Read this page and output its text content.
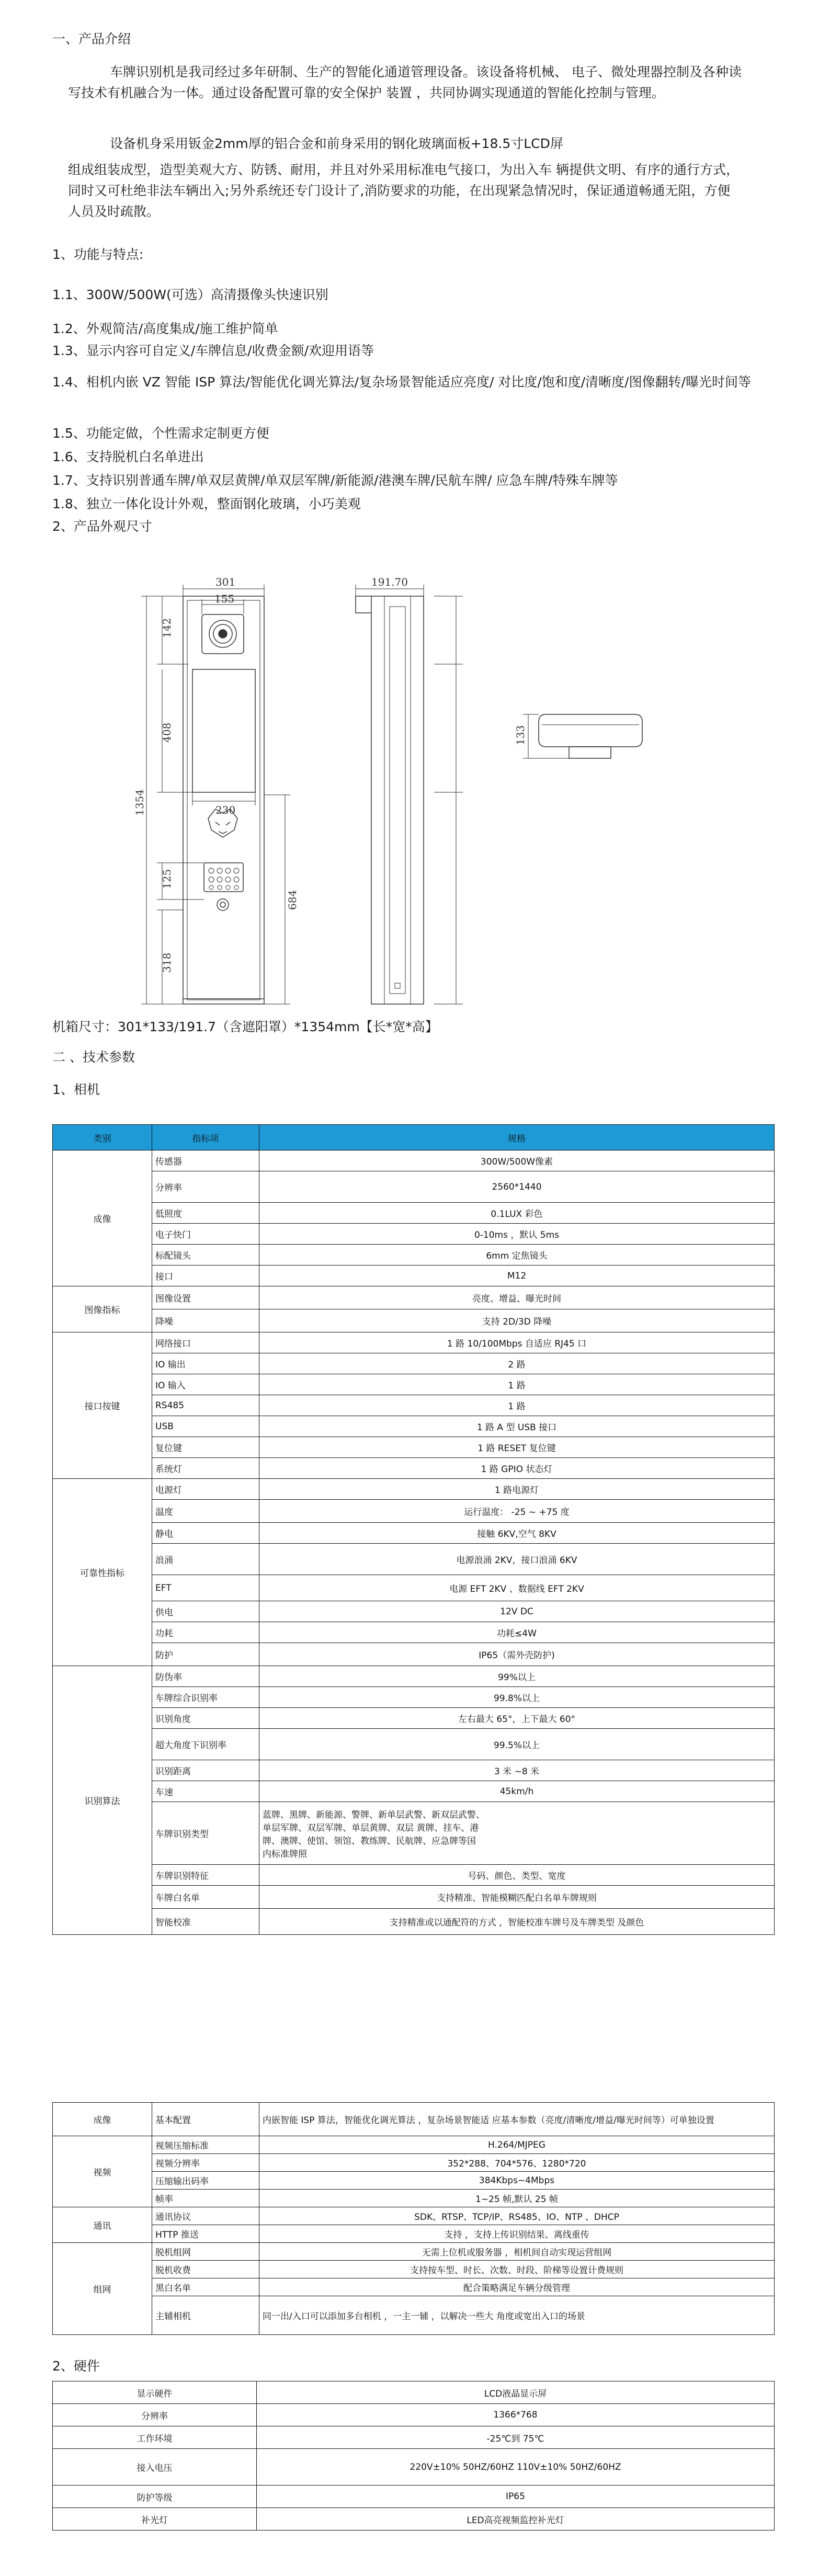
一、产品介绍
车牌识别机是我司经过多年研制、生产的智能化通道管理设备。该设备将机械、 电子、微处理器控制及各种读写技术有机融合为一体。通过设备配置可靠的安全保护 装置 ，共同协调实现通道的智能化控制与管理。
设备机身采用钣金2mm厚的铝合金和前身采用的钢化玻璃面板+18.5寸LCD屏
组成组装成型，造型美观大方、防锈、耐用，并且对外采用标准电气接口，为出入车 辆提供文明、有序的通行方式，同时又可杜绝非法车辆出入;另外系统还专门设计了,消防要求的功能，在出现紧急情况时，保证通道畅通无阻，方便人员及时疏散。
1、功能与特点:
1.1、300W/500W(可选）高清摄像头快速识别
1.2、外观简洁/高度集成/施工维护简单
1.3、显示内容可自定义/车牌信息/收费金额/欢迎用语等
1.4、相机内嵌 VZ 智能 ISP 算法/智能优化调光算法/复杂场景智能适应亮度/ 对比度/饱和度/清晰度/图像翻转/曝光时间等
1.5、功能定做，个性需求定制更方便
1.6、支持脱机白名单进出
1.7、支持识别普通车牌/单双层黄牌/单双层军牌/新能源/港澳车牌/民航车牌/ 应急车牌/特殊车牌等
1.8、独立一体化设计外观，整面钢化玻璃，小巧美观
2、产品外观尺寸
301
155
230
142
408
1354
125
318
684
191.70
133
机箱尺寸：301*133/191.7（含遮阳罩）*1354mm【长*宽*高】
二 、技术参数
1、相机
类别	指标项	规格
成像	传感器	300W/500W像素
	分辨率	2560*1440
	低照度	0.1LUX 彩色
	电子快门	0-10ms ，默认 5ms
	标配镜头	6mm 定焦镜头
	接口	M12
图像指标	图像设置	亮度、增益、曝光时间
	降噪	支持 2D/3D 降噪
接口按键	网络接口	1 路 10/100Mbps 自适应 RJ45 口
	IO 输出	2 路
	IO 输入	1 路
	RS485	1 路
	USB	1 路 A 型 USB 接口
	复位键	1 路 RESET 复位键
	系统灯	1 路 GPIO 状态灯
可靠性指标	电源灯	1 路电源灯
	温度	运行温度： -25 ~ +75 度
	静电	接触 6KV,空气 8KV
	浪涌	电源浪涌 2KV，接口浪涌 6KV
	EFT	电源 EFT 2KV 、数据线 EFT 2KV
	供电	12V DC
	功耗	功耗≤4W
	防护	IP65（需外壳防护)
识别算法	防伪率	99%以上
	车牌综合识别率	99.8%以上
	识别角度	左右最大 65°，上下最大 60°
	超大角度下识别率	99.5%以上
	识别距离	3 米 ~8 米
	车速	45km/h
	车牌识别类型	蓝牌、黑牌、新能源、警牌、新单层武警、新双层武警、
单层军牌、双层军牌、单层黄牌、双层 黄牌、挂车、港
牌、澳牌、使馆、领馆、教练牌、民航牌、应急牌等国
内标准牌照
	车牌识别特征	号码、颜色、类型、宽度
	车牌白名单	支持精准、智能模糊匹配白名单车牌规则
	智能校准	支持精准或以通配符的方式 ，智能校准车牌号及车牌类型 及颜色
成像	基本配置	内嵌智能 ISP 算法，智能优化调光算法 ，复杂场景智能适 应基本参数（亮度/清晰度/增益/曝光时间等）可单独设置
视频	视频压缩标准	H.264/MJPEG
	视频分辨率	352*288、704*576、1280*720
	压缩输出码率	384Kbps~4Mbps
	帧率	1~25 帧,默认 25 帧
通讯	通讯协议	SDK、RTSP、TCP/IP、RS485、IO、NTP 、DHCP
	HTTP 推送	支持 ，支持上传识别结果、离线重传
组网	脱机组网	无需上位机或服务器 ，相机间自动实现运营组网
	脱机收费	支持按车型、时长、次数、时段、阶梯等设置计费规则
	黑白名单	配合策略满足车辆分级管理
	主辅相机	同一出/入口可以添加多台相机 ，一主一辅 ，以解决一些大 角度或宽出入口的场景
2、硬件
显示硬件	LCD液晶显示屏
分辨率	1366*768
工作环境	-25℃到 75℃
接入电压	220V±10% 50HZ/60HZ 110V±10% 50HZ/60HZ
防护等级	IP65
补光灯	LED高亮视频监控补光灯
